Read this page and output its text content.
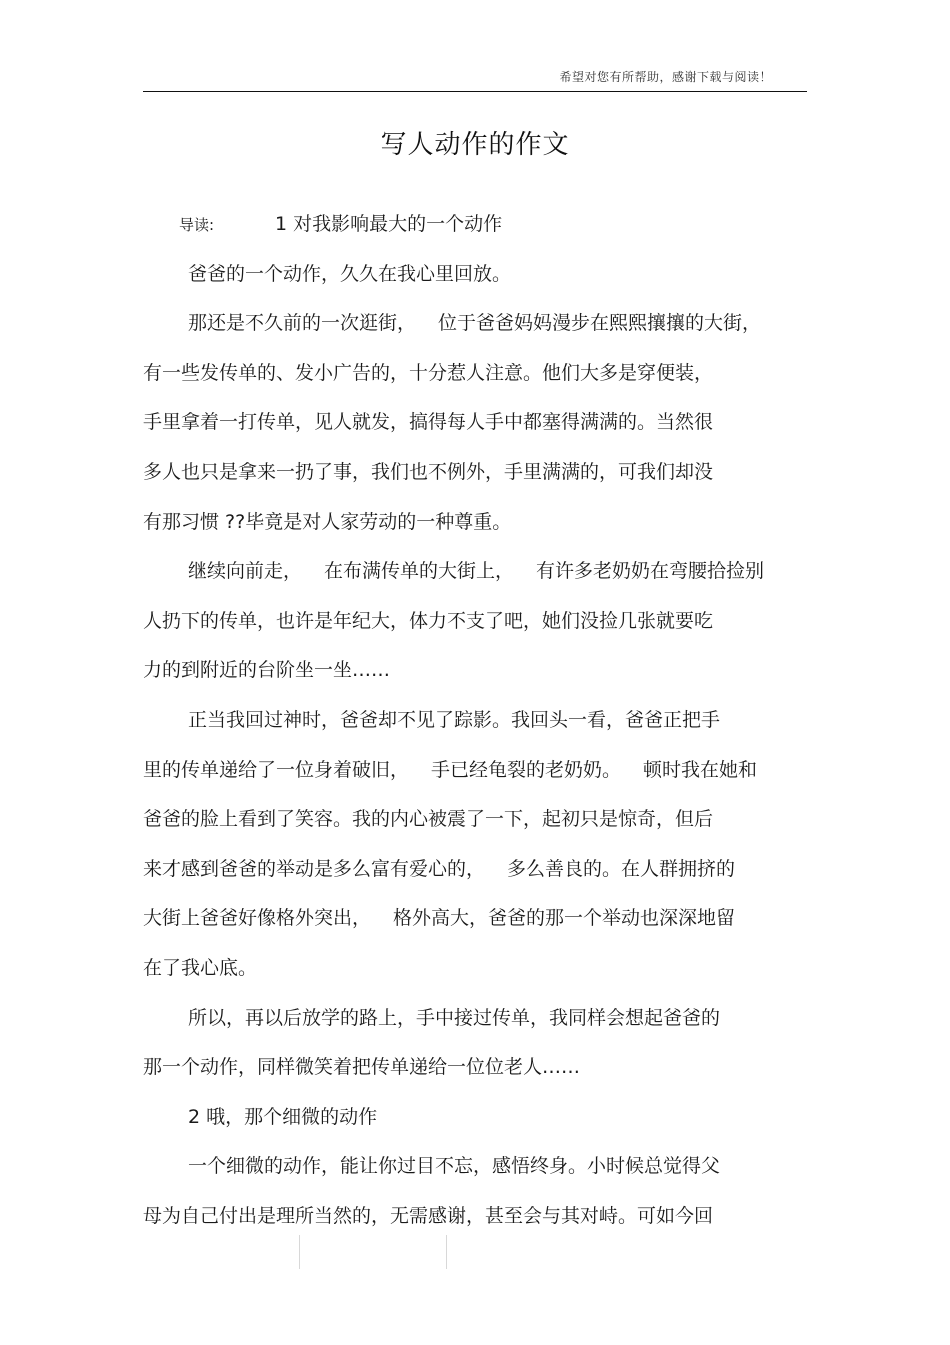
希望对您有所帮助，感谢下载与阅读！
写人动作的作文
导读:	1 对我影响最大的一个动作
爸爸的一个动作，久久在我心里回放。
那还是不久前的一次逛街， 位于爸爸妈妈漫步在熙熙攘攘的大街，
有一些发传单的、发小广告的，十分惹人注意。他们大多是穿便装，
手里拿着一打传单，见人就发，搞得每人手中都塞得满满的。当然很
多人也只是拿来一扔了事，我们也不例外，手里满满的，可我们却没
有那习惯 ??毕竟是对人家劳动的一种尊重。
继续向前走， 在布满传单的大街上， 有许多老奶奶在弯腰拾捡别
人扔下的传单，也许是年纪大，体力不支了吧，她们没捡几张就要吃
力的到附近的台阶坐一坐……
正当我回过神时，爸爸却不见了踪影。我回头一看，爸爸正把手
里的传单递给了一位身着破旧， 手已经龟裂的老奶奶。 顿时我在她和
爸爸的脸上看到了笑容。我的内心被震了一下，起初只是惊奇，但后
来才感到爸爸的举动是多么富有爱心的， 多么善良的。在人群拥挤的
大街上爸爸好像格外突出， 格外高大，爸爸的那一个举动也深深地留
在了我心底。
所以，再以后放学的路上，手中接过传单，我同样会想起爸爸的
那一个动作，同样微笑着把传单递给一位位老人……
2 哦，那个细微的动作
一个细微的动作，能让你过目不忘，感悟终身。小时候总觉得父
母为自己付出是理所当然的，无需感谢，甚至会与其对峙。可如今回
